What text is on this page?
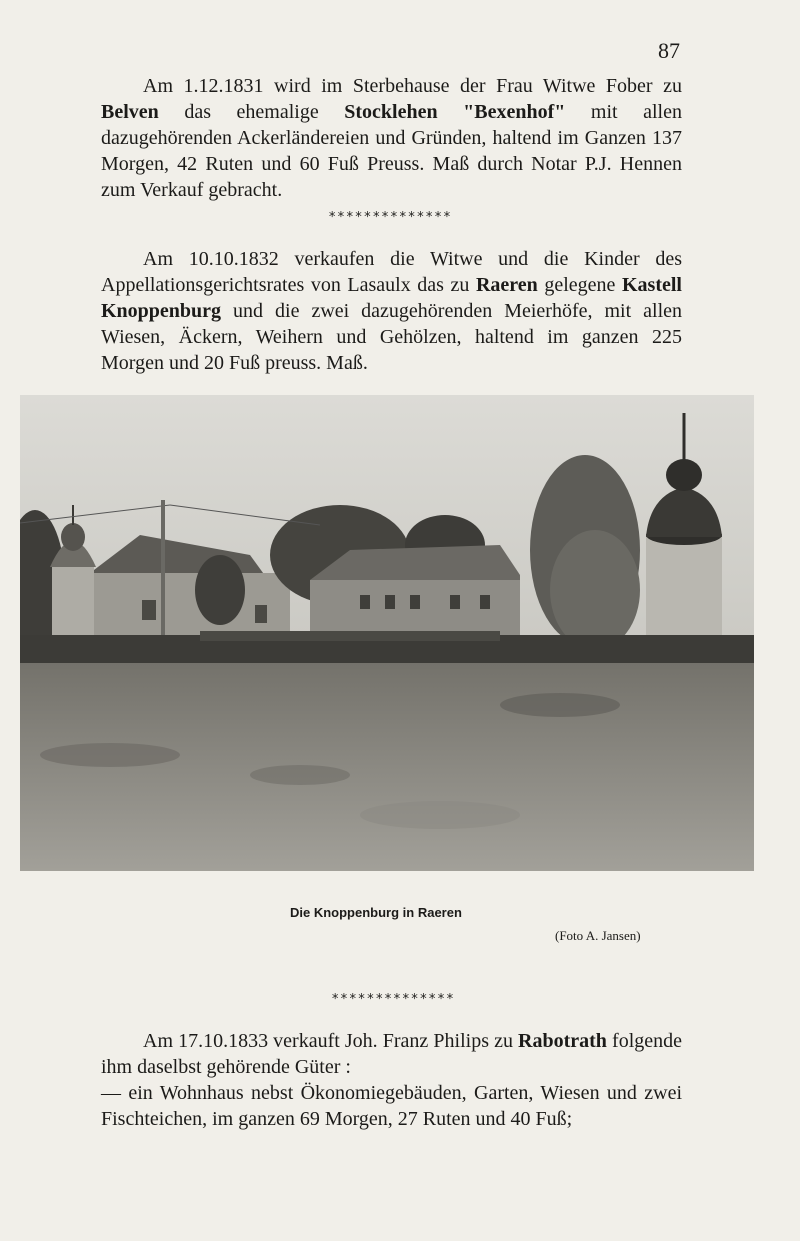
87

Am 1.12.1831 wird im Sterbehause der Frau Witwe Fober zu Belven das ehemalige Stocklehen "Bexenhof" mit allen dazugehörenden Ackerländereien und Gründen, haltend im Ganzen 137 Morgen, 42 Ruten und 60 Fuß Preuss. Maß durch Notar P.J. Hennen zum Verkauf gebracht.

**************

Am 10.10.1832 verkaufen die Witwe und die Kinder des Appellationsgerichtsrates von Lasaulx das zu Raeren gelegene Kastell Knoppenburg und die zwei dazugehörenden Meierhöfe, mit allen Wiesen, Äckern, Weihern und Gehölzen, haltend im ganzen 225 Morgen und 20 Fuß preuss. Maß.

Die Knoppenburg in Raeren
(Foto A. Jansen)
**************

Am 17.10.1833 verkauft Joh. Franz Philips zu Rabotrath folgende ihm daselbst gehörende Güter :

— ein Wohnhaus nebst Ökonomiegebäuden, Garten, Wiesen und zwei Fischteichen, im ganzen 69 Morgen, 27 Ruten und 40 Fuß;
